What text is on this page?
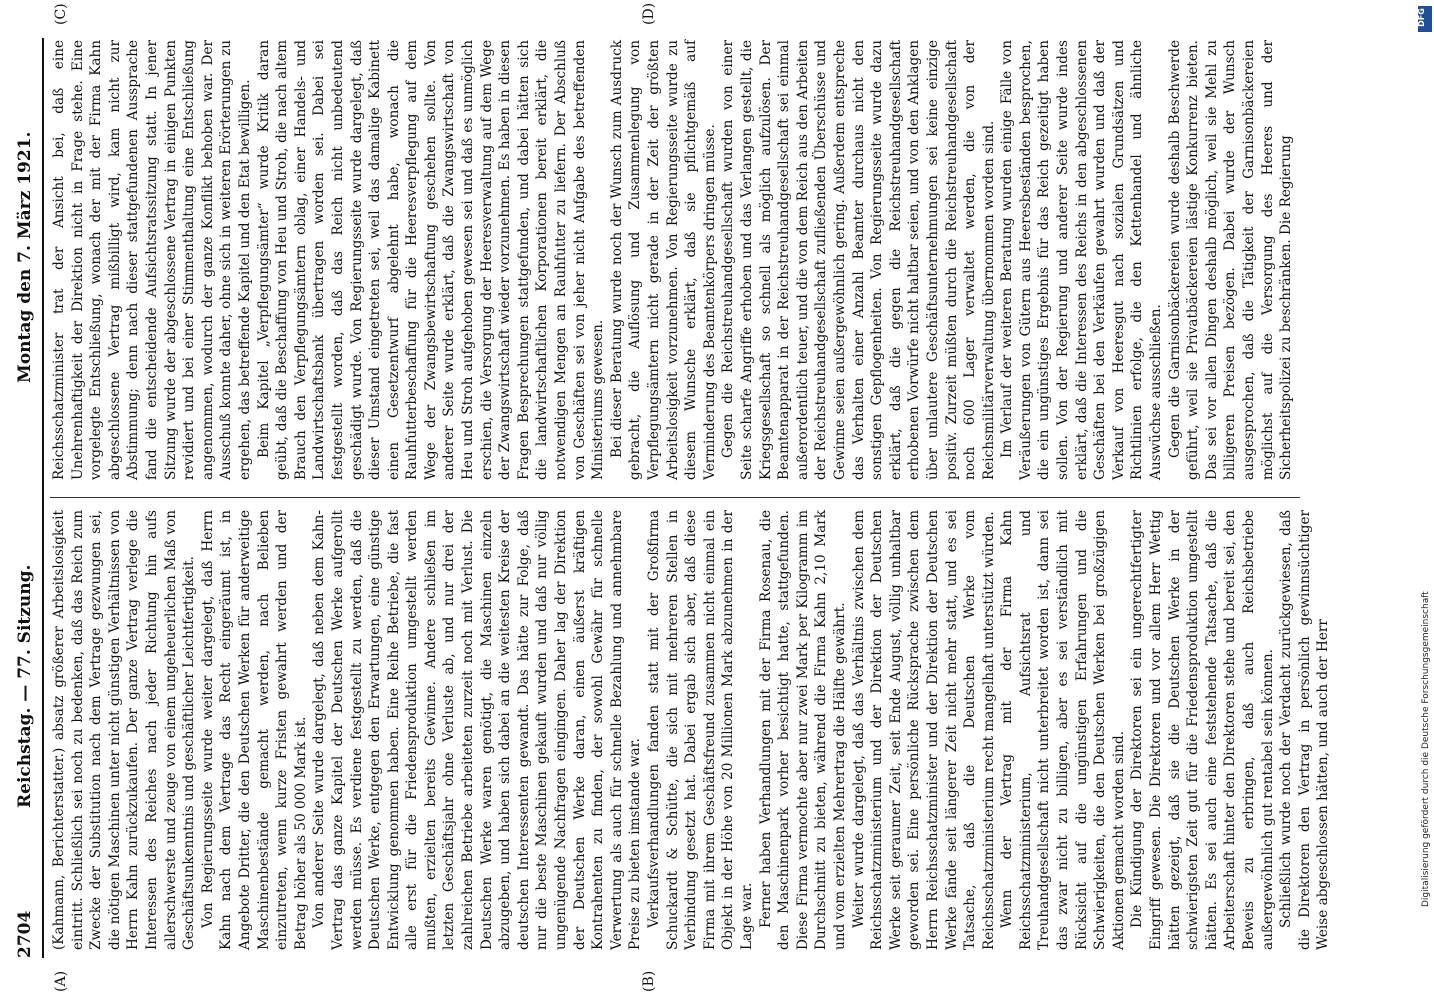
2704
Reichstag. — 77. Sitzung.
Montag den 7. März 1921.
(A)	(B)
(C)	(D)

(Kahmann, Berichterstatter.) absatz größerer Arbeitslosigkeit eintritt. Schließlich sei noch zu bedenken, daß das Reich zum Zwecke der Substitution nach dem Vertrage gezwungen sei, die nötigen Maschinen unter nicht günstigen Verhältnissen von Herrn Kahn zurückzukaufen. Der ganze Vertrag verlege die Interessen des Reiches nach jeder Richtung hin aufs allerschwerste und zeuge von einem ungeheuerlichen Maß von Geschäftsunkenntnis und geschäftlicher Leichtfertigkeit. Von Regierungsseite wurde weiter dargelegt, daß Herrn Kahn nach dem Vertrage das Recht eingeräumt ist, in Angebote Dritter, die den Deutschen Werken für anderweitige Maschinenbestände gemacht werden, nach Belieben einzutreten, wenn kurze Fristen gewahrt werden und der Betrag höher als 50 000 Mark ist. Von anderer Seite wurde dargelegt, daß neben dem Kahn-Vertrag das ganze Kapitel der Deutschen Werke aufgerollt werden müsse. Es verdiene festgestellt zu werden, daß die Deutschen Werke, entgegen den Erwartungen, eine günstige Entwicklung genommen haben. Eine Reihe Betriebe, die fast alle erst für die Friedensproduktion umgestellt werden mußten, erzielten bereits Gewinne. Andere schließen im letzten Geschäftsjahr ohne Verluste ab, und nur drei der zahlreichen Betriebe arbeiteten zurzeit noch mit Verlust. Die Deutschen Werke waren genötigt, die Maschinen einzeln abzugeben, und haben sich dabei an die weitesten Kreise der deutschen Interessenten gewandt. Das hätte zur Folge, daß nur die beste Maschinen gekauft wurden und daß nur völlig ungenügende Nachfragen eingingen. Daher lag der Direktion der Deutschen Werke daran, einen äußerst kräftigen Kontrahenten zu finden, der sowohl Gewähr für schnelle Verwertung als auch für schnelle Bezahlung und annehmbare Preise zu bieten imstande war. Verkaufsverhandlungen fanden statt mit der Großfirma Schuckardt & Schütte, die sich mit mehreren Stellen in Verbindung gesetzt hat. Dabei ergab sich aber, daß diese Firma mit ihrem Geschäftsfreund zusammen nicht einmal ein Objekt in der Höhe von 20 Millionen Mark abzunehmen in der Lage war. Ferner haben Verhandlungen mit der Firma Rosenau, die den Maschinenpark vorher besichtigt hatte, stattgefunden. Diese Firma vermochte aber nur zwei Mark per Kilogramm im Durchschnitt zu bieten, während die Firma Kahn 2,10 Mark und vom erzielten Mehrertrag die Hälfte gewährt. Weiter wurde dargelegt, daß das Verhältnis zwischen dem Reichsschatzministerium und der Direktion der Deutschen Werke seit geraumer Zeit, seit Ende August, völlig unhaltbar geworden sei. Eine persönliche Rücksprache zwischen dem Herrn Reichsschatzminister und der Direktion der Deutschen Werke fände seit längerer Zeit nicht mehr statt, und es sei Tatsache, daß die Deutschen Werke vom Reichsschatzministerium recht mangelhaft unterstützt würden. Wenn der Vertrag mit der Firma Kahn Reichsschatzministerium, Aufsichtsrat und Treuhandgesellschaft nicht unterbreitet worden ist, dann sei das zwar nicht zu billigen, aber es sei verständlich mit Rücksicht auf die ungünstigen Erfahrungen und die Schwierigkeiten, die den Deutschen Werken bei großzügigen Aktionen gemacht worden sind. Die Kündigung der Direktoren sei ein ungerechtfertigter Eingriff gewesen. Die Direktoren und vor allem Herr Wettig hätten gezeigt, daß sie die Deutschen Werke in der schwierigsten Zeit gut für die Friedensproduktion umgestellt hätten. Es sei auch eine feststehende Tatsache, daß die Arbeiterschaft hinter den Direktoren stehe und bereit sei, den Beweis zu erbringen, daß auch Reichsbetriebe außergewöhnlich gut rentabel sein können. Schließlich wurde noch der Verdacht zurückgewiesen, daß die Direktoren den Vertrag in persönlich gewinnsüchtiger Weise abgeschlossen hätten, und auch der Herr

Reichsschatzminister trat der Ansicht bei, daß eine Unehrenhaftigkeit der Direktion nicht in Frage stehe. Eine vorgelegte Entschließung, wonach der mit der Firma Kahn abgeschlossene Vertrag mißbilligt wird, kam nicht zur Abstimmung; denn nach dieser stattgefundenen Aussprache fand die entscheidende Aufsichtsratssitzung statt. In jener Sitzung wurde der abgeschlossene Vertrag in einigen Punkten revidiert und bei einer Stimmenthaltung eine Entschließung angenommen, wodurch der ganze Konflikt behoben war. Der Ausschuß konnte daher, ohne sich in weiteren Erörterungen zu ergehen, das betreffende Kapitel und den Etat bewilligen. Beim Kapitel „Verpflegungsämter“ wurde Kritik daran geübt, daß die Beschaffung von Heu und Stroh, die nach altem Brauch den Verpflegungsämtern oblag, einer Handels- und Landwirtschaftsbank übertragen worden sei. Dabei sei festgestellt worden, daß das Reich nicht unbedeutend geschädigt wurde. Von Regierungsseite wurde dargelegt, daß dieser Umstand eingetreten sei, weil das damalige Kabinett einen Gesetzentwurf abgelehnt habe, wonach die Rauhfutterbeschaffung für die Heeresverpflegung auf dem Wege der Zwangsbewirtschaftung geschehen sollte. Von anderer Seite wurde erklärt, daß die Zwangswirtschaft von Heu und Stroh aufgehoben gewesen sei und daß es unmöglich erschien, die Versorgung der Heeresverwaltung auf dem Wege der Zwangswirtschaft wieder vorzunehmen. Es haben in diesen Fragen Besprechungen stattgefunden, und dabei hätten sich die landwirtschaftlichen Korporationen bereit erklärt, die notwendigen Mengen an Rauhfutter zu liefern. Der Abschluß von Geschäften sei von jeher nicht Aufgabe des betreffenden Ministeriums gewesen. Bei dieser Beratung wurde noch der Wunsch zum Ausdruck gebracht, die Auflösung und Zusammenlegung von Verpflegungsämtern nicht gerade in der Zeit der größten Arbeitslosigkeit vorzunehmen. Von Regierungsseite wurde zu diesem Wunsche erklärt, daß sie pflichtgemäß auf Verminderung des Beamtenkörpers dringen müsse. Gegen die Reichstreuhandgesellschaft wurden von einer Seite scharfe Angriffe erhoben und das Verlangen gestellt, die Kriegsgesellschaft so schnell als möglich aufzulösen. Der Beamtenapparat in der Reichstreuhandgesellschaft sei einmal außerordentlich teuer, und die von dem Reich aus den Arbeiten der Reichstreuhandgesellschaft zufließenden Überschüsse und Gewinne seien außergewöhnlich gering. Außerdem entspreche das Verhalten einer Anzahl Beamter durchaus nicht den sonstigen Gepflogenheiten. Von Regierungsseite wurde dazu erklärt, daß die gegen die Reichstreuhandgesellschaft erhobenen Vorwürfe nicht haltbar seien, und von den Anklagen über unlautere Geschäftsunternehmungen sei keine einzige positiv. Zurzeit müßten durch die Reichstreuhandgesellschaft noch 600 Lager verwaltet werden, die von der Reichsmilitärverwaltung übernommen worden sind. Im Verlauf der weiteren Beratung wurden einige Fälle von Veräußerungen von Gütern aus Heeresbeständen besprochen, die ein ungünstiges Ergebnis für das Reich gezeitigt haben sollen. Von der Regierung und anderer Seite wurde indes erklärt, daß die Interessen des Reichs in den abgeschlossenen Geschäften bei den Verkäufen gewahrt wurden und daß der Verkauf von Heeresgut nach sozialen Grundsätzen und Richtlinien erfolge, die den Kettenhandel und ähnliche Auswüchse ausschließen. Gegen die Garnisonbäckereien wurde deshalb Beschwerde geführt, weil sie Privatbäckereien lästige Konkurrenz bieten. Das sei vor allen Dingen deshalb möglich, weil sie Mehl zu billigeren Preisen bezögen. Dabei wurde der Wunsch ausgesprochen, daß die Tätigkeit der Garnisonbäckereien möglichst auf die Versorgung des Heeres und der Sicherheitspolizei zu beschränken. Die Regierung

DFG
Digitalisierung gefördert durch die Deutsche Forschungsgemeinschaft
